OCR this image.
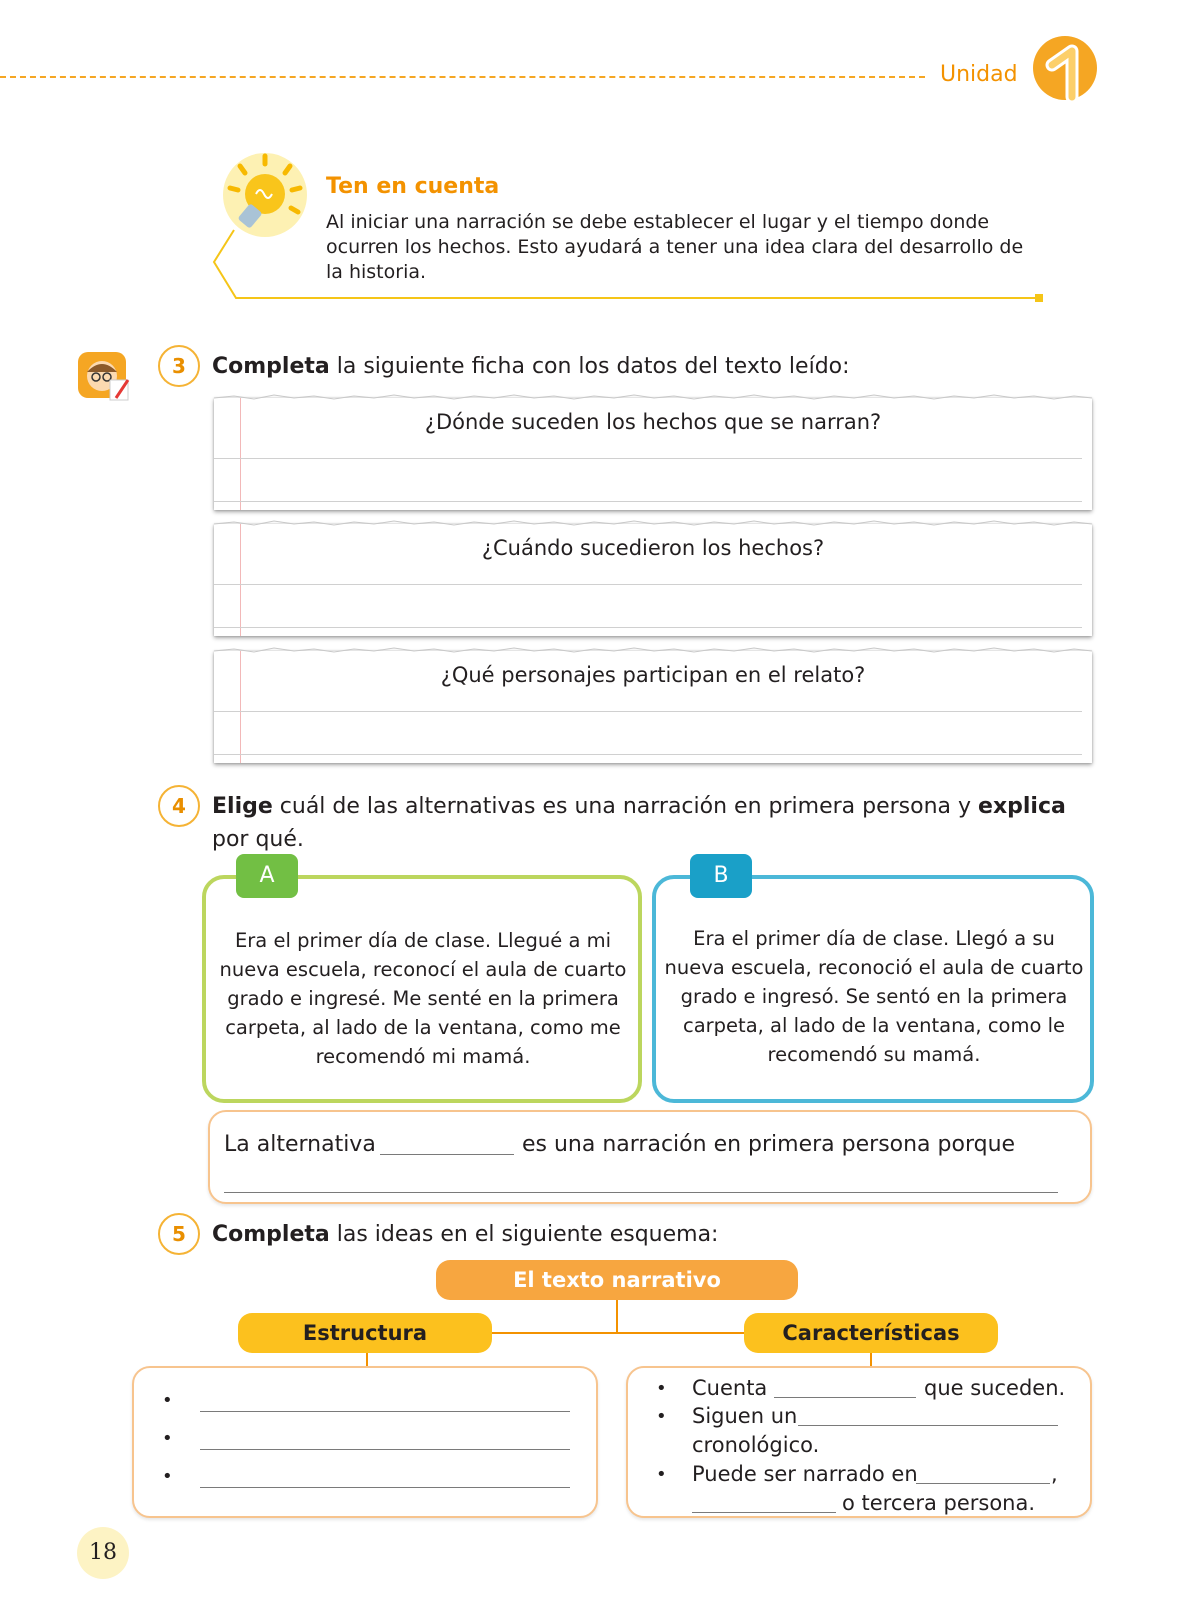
Unidad
Ten en cuenta
Al iniciar una narración se debe establecer el lugar y el tiempo donde ocurren los hechos. Esto ayudará a tener una idea clara del desarrollo de la historia.
3	Completa la siguiente ficha con los datos del texto leído:
¿Dónde suceden los hechos que se narran?
¿Cuándo sucedieron los hechos?
¿Qué personajes participan en el relato?
4	Elige cuál de las alternativas es una narración en primera persona y explica
por qué.
A
Era el primer día de clase. Llegué a mi nueva escuela, reconocí el aula de cuarto grado e ingresé. Me senté en la primera carpeta, al lado de la ventana, como me recomendó mi mamá.
B
Era el primer día de clase. Llegó a su nueva escuela, reconoció el aula de cuarto grado e ingresó. Se sentó en la primera carpeta, al lado de la ventana, como le recomendó su mamá.
La alternativa	es una narración en primera persona porque
5	Completa las ideas en el siguiente esquema:
El texto narrativo
Estructura	Características
•
•
•
• Cuenta	que suceden.
• Siguen un
cronológico.
• Puede ser narrado en	,
o tercera persona.
18
